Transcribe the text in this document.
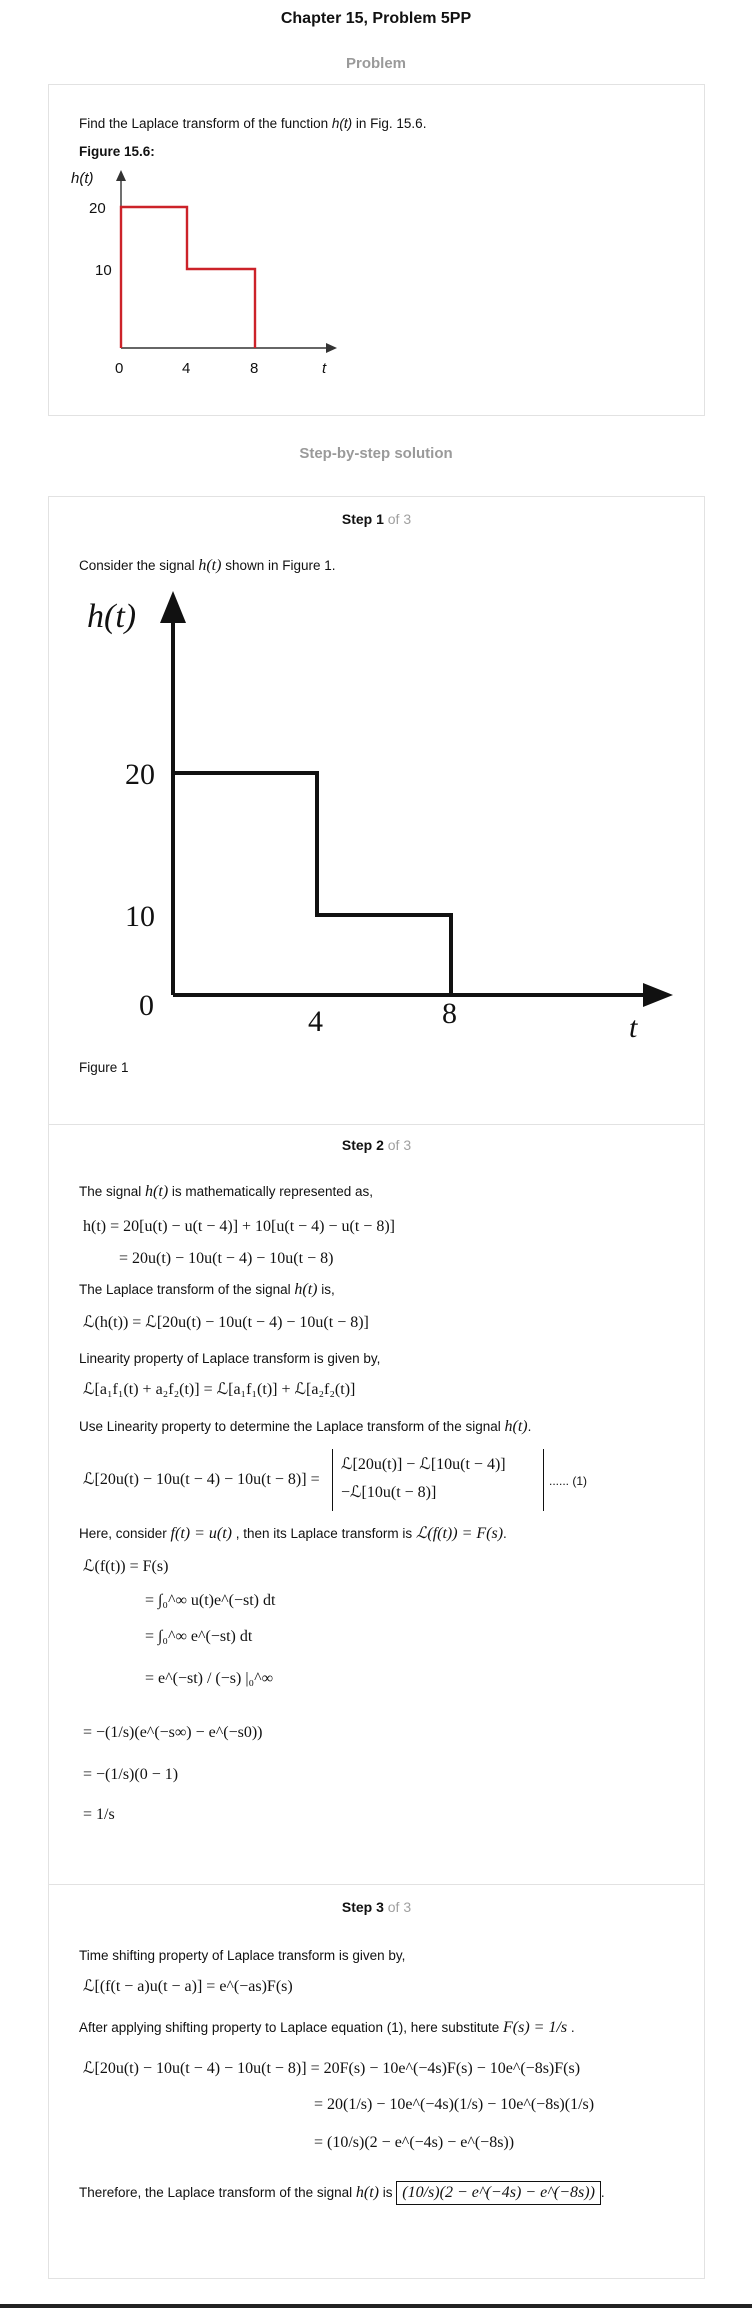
Chapter 15, Problem 5PP
Problem
Find the Laplace transform of the function h(t) in Fig. 15.6.
Figure 15.6:
h(t)
20
10
0	4	8	t
Step-by-step solution
Step 1 of 3
Consider the signal h(t) shown in Figure 1.
h(t)
20
10
0	4	8	t
Figure 1
Step 2 of 3
The signal h(t) is mathematically represented as,
h(t) = 20[u(t) − u(t − 4)] + 10[u(t − 4) − u(t − 8)]
= 20u(t) − 10u(t − 4) − 10u(t − 8)
The Laplace transform of the signal h(t) is,
ℒ(h(t)) = ℒ[20u(t) − 10u(t − 4) − 10u(t − 8)]
Linearity property of Laplace transform is given by,
ℒ[a₁f₁(t) + a₂f₂(t)] = ℒ[a₁f₁(t)] + ℒ[a₂f₂(t)]
Use Linearity property to determine the Laplace transform of the signal h(t).
ℒ[20u(t) − 10u(t − 4) − 10u(t − 8)] =
ℒ[20u(t)] − ℒ[10u(t − 4)]
−ℒ[10u(t − 8)]
...... (1)
Here, consider f(t) = u(t) , then its Laplace transform is ℒ(f(t)) = F(s).
ℒ(f(t)) = F(s)
= ∫₀^∞ u(t)e^(−st) dt
= ∫₀^∞ e^(−st) dt
= e^(−st) / (−s) |₀^∞
= −(1/s)(e^(−s∞) − e^(−s0))
= −(1/s)(0 − 1)
= 1/s
Step 3 of 3
Time shifting property of Laplace transform is given by,
ℒ[(f(t − a)u(t − a)] = e^(−as)F(s)
After applying shifting property to Laplace equation (1), here substitute F(s) = 1/s .
ℒ[20u(t) − 10u(t − 4) − 10u(t − 8)] = 20F(s) − 10e^(−4s)F(s) − 10e^(−8s)F(s)
= 20(1/s) − 10e^(−4s)(1/s) − 10e^(−8s)(1/s)
= (10/s)(2 − e^(−4s) − e^(−8s))
Therefore, the Laplace transform of the signal h(t) is (10/s)(2 − e^(−4s) − e^(−8s)) .
